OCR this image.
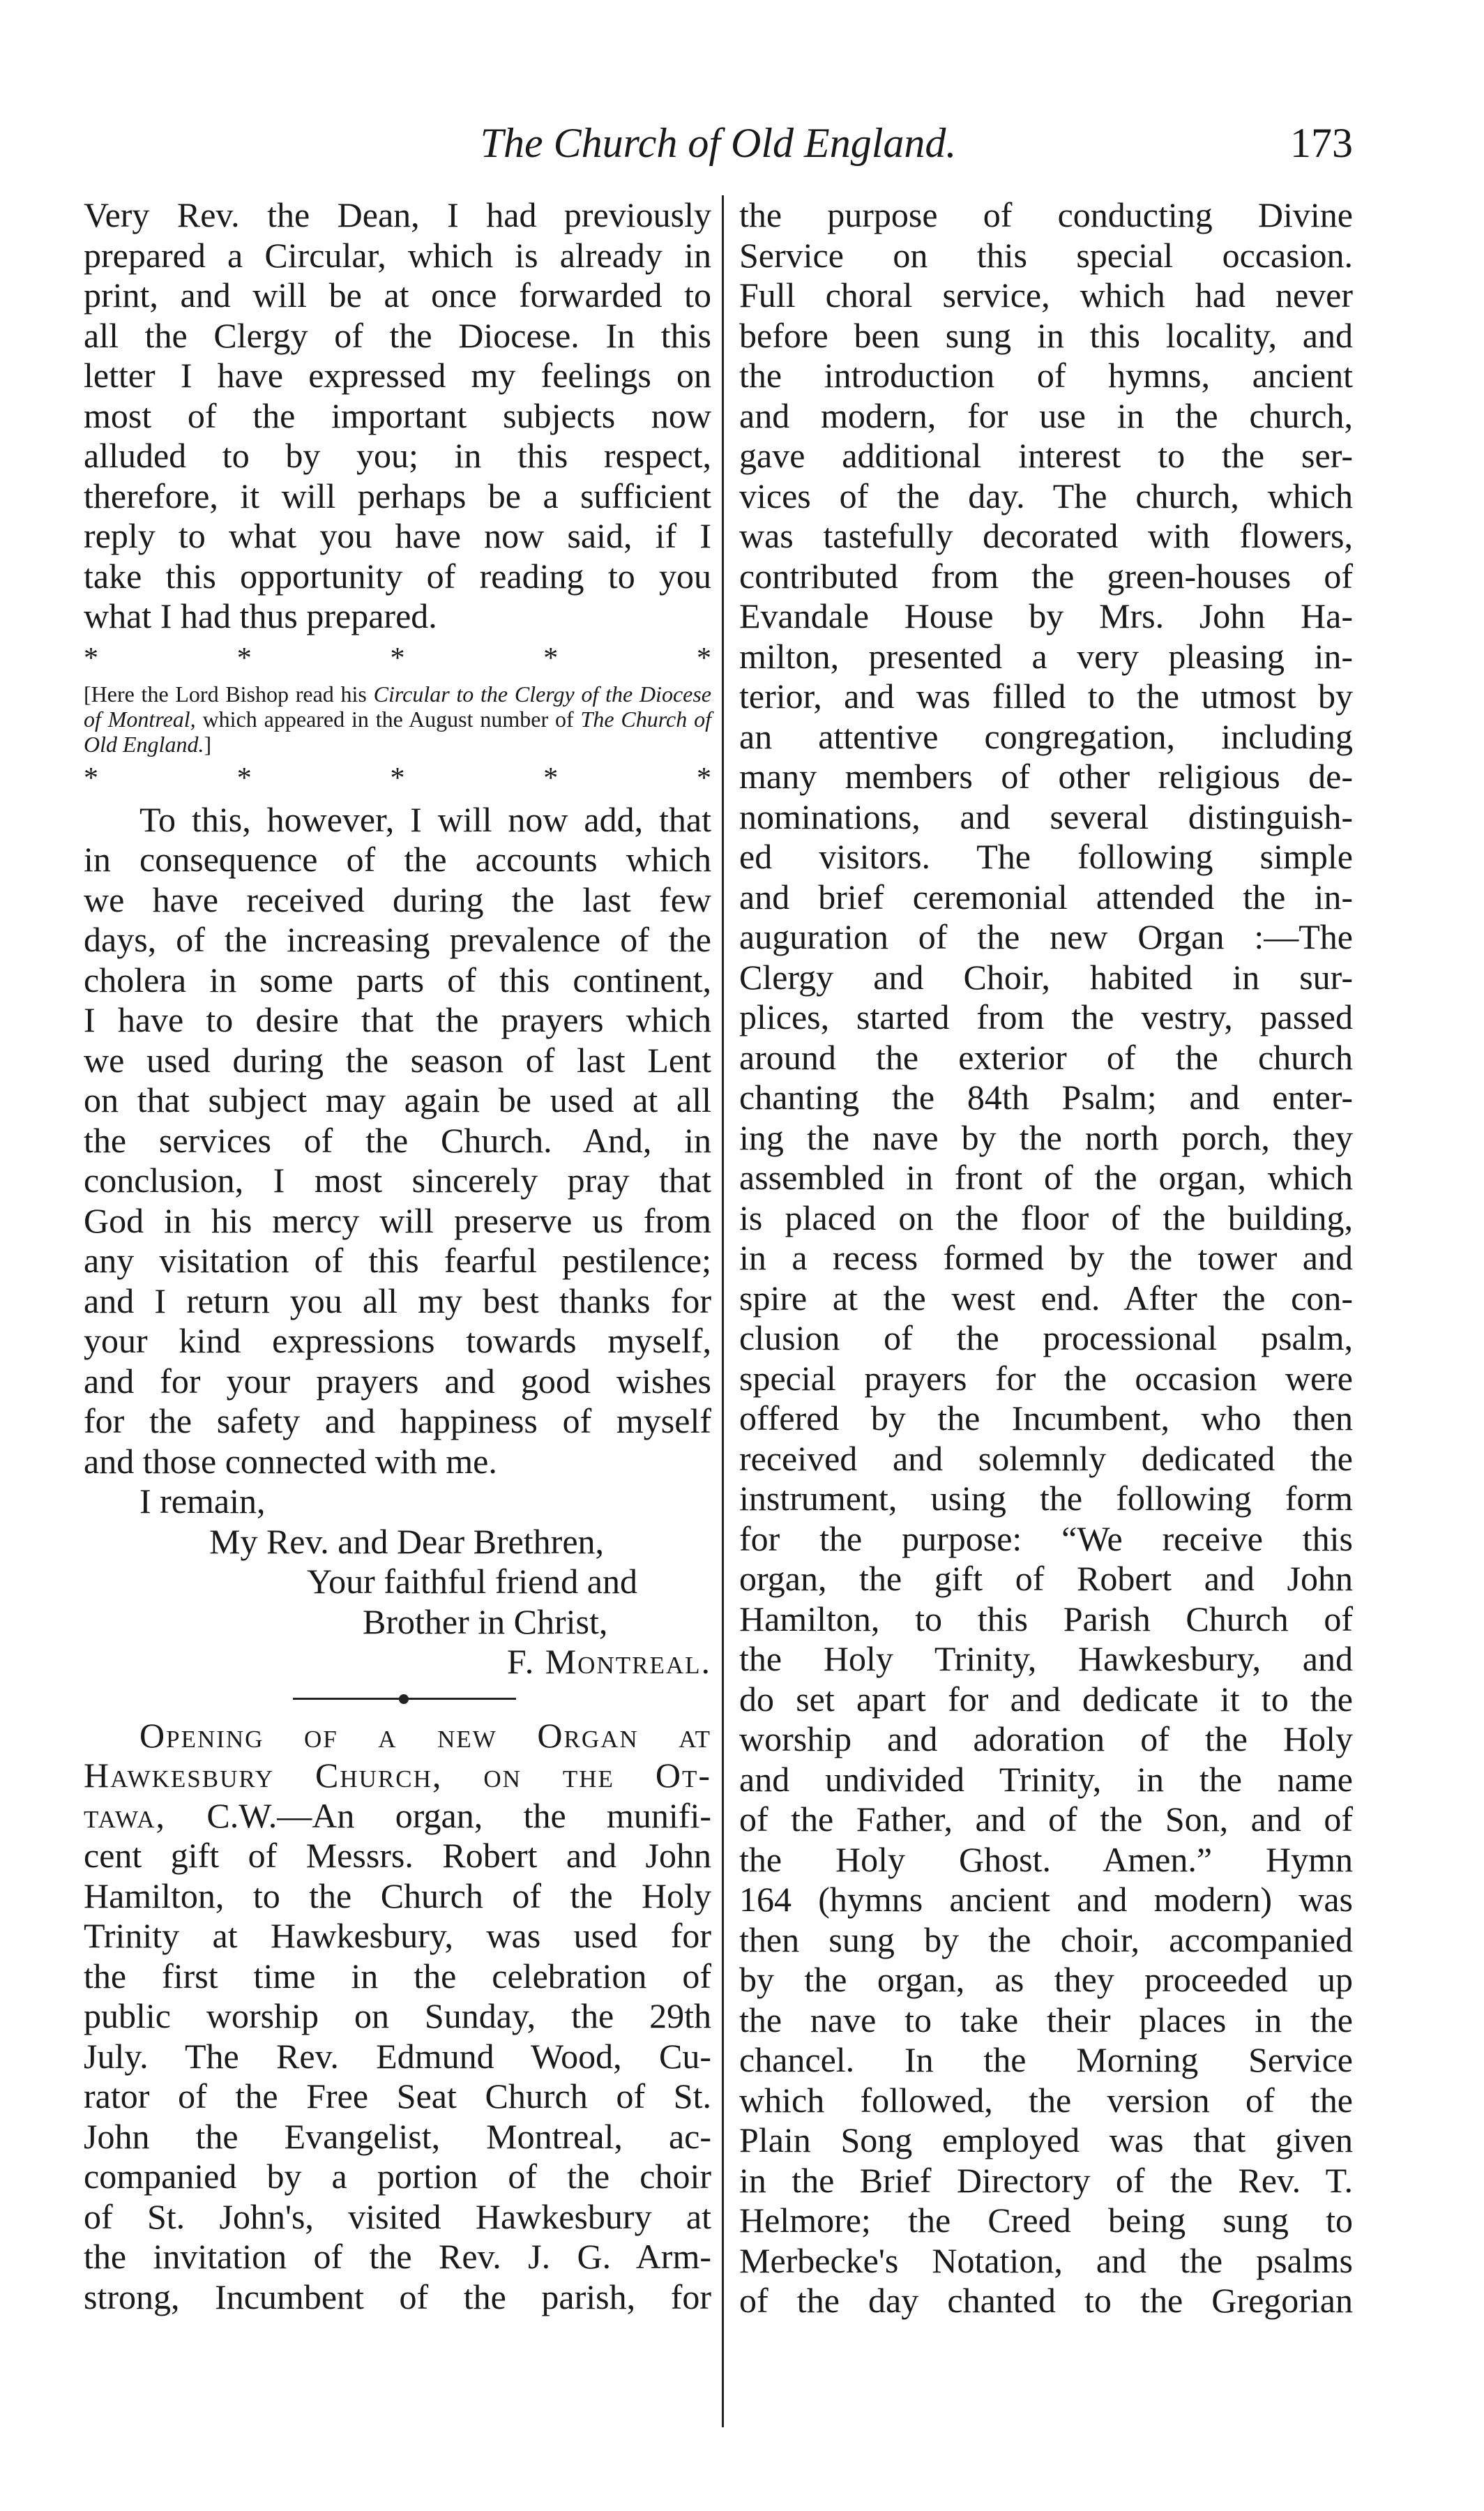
The Church of Old England.	173
Very Rev. the Dean, I had previously
prepared a Circular, which is already in
print, and will be at once forwarded to
all the Clergy of the Diocese. In this
letter I have expressed my feelings on
most of the important subjects now
alluded to by you; in this respect,
therefore, it will perhaps be a sufficient
reply to what you have now said, if I
take this opportunity of reading to you
what I had thus prepared.
*	*	*	*	*
[Here the Lord Bishop read his Circular to the Clergy of the Diocese of Montreal, which appeared in the August number of The Church of Old England.]
*	*	*	*	*
To this, however, I will now add, that
in consequence of the accounts which
we have received during the last few
days, of the increasing prevalence of the
cholera in some parts of this continent,
I have to desire that the prayers which
we used during the season of last Lent
on that subject may again be used at all
the services of the Church. And, in
conclusion, I most sincerely pray that
God in his mercy will preserve us from
any visitation of this fearful pestilence;
and I return you all my best thanks for
your kind expressions towards myself,
and for your prayers and good wishes
for the safety and happiness of myself
and those connected with me.
I remain,
My Rev. and Dear Brethren,
Your faithful friend and
Brother in Christ,
F. Montreal.
Opening of a new Organ at
Hawkesbury Church, on the Ot-
tawa, C.W.—An organ, the munifi-
cent gift of Messrs. Robert and John
Hamilton, to the Church of the Holy
Trinity at Hawkesbury, was used for
the first time in the celebration of
public worship on Sunday, the 29th
July. The Rev. Edmund Wood, Cu-
rator of the Free Seat Church of St.
John the Evangelist, Montreal, ac-
companied by a portion of the choir
of St. John's, visited Hawkesbury at
the invitation of the Rev. J. G. Arm-
strong, Incumbent of the parish, for
the purpose of conducting Divine
Service on this special occasion.
Full choral service, which had never
before been sung in this locality, and
the introduction of hymns, ancient
and modern, for use in the church,
gave additional interest to the ser-
vices of the day. The church, which
was tastefully decorated with flowers,
contributed from the green-houses of
Evandale House by Mrs. John Ha-
milton, presented a very pleasing in-
terior, and was filled to the utmost by
an attentive congregation, including
many members of other religious de-
nominations, and several distinguish-
ed visitors. The following simple
and brief ceremonial attended the in-
auguration of the new Organ :—The
Clergy and Choir, habited in sur-
plices, started from the vestry, passed
around the exterior of the church
chanting the 84th Psalm; and enter-
ing the nave by the north porch, they
assembled in front of the organ, which
is placed on the floor of the building,
in a recess formed by the tower and
spire at the west end. After the con-
clusion of the processional psalm,
special prayers for the occasion were
offered by the Incumbent, who then
received and solemnly dedicated the
instrument, using the following form
for the purpose: “We receive this
organ, the gift of Robert and John
Hamilton, to this Parish Church of
the Holy Trinity, Hawkesbury, and
do set apart for and dedicate it to the
worship and adoration of the Holy
and undivided Trinity, in the name
of the Father, and of the Son, and of
the Holy Ghost. Amen.” Hymn
164 (hymns ancient and modern) was
then sung by the choir, accompanied
by the organ, as they proceeded up
the nave to take their places in the
chancel. In the Morning Service
which followed, the version of the
Plain Song employed was that given
in the Brief Directory of the Rev. T.
Helmore; the Creed being sung to
Merbecke's Notation, and the psalms
of the day chanted to the Gregorian
